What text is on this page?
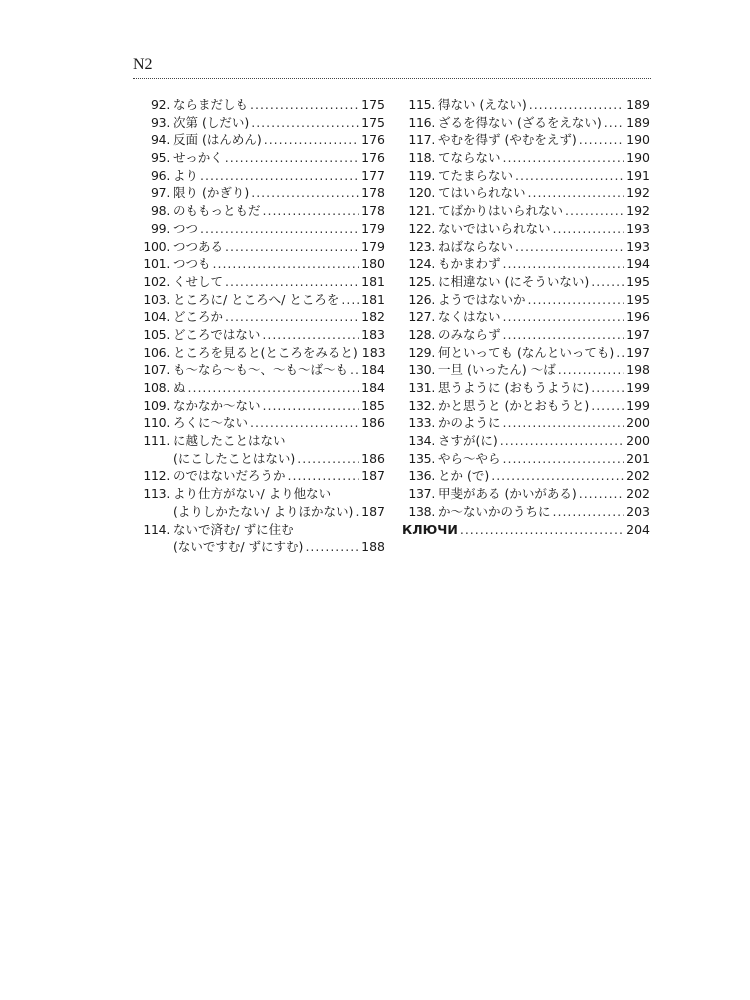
N2
92. ならまだしも .....	175
93. 次第 (しだい) .....	175
94. 反面 (はんめん) .....	176
95. せっかく .....	176
96. より .....	177
97. 限り (かぎり) .....	178
98. のももっともだ .....	178
99. つつ .....	179
100. つつある .....	179
101. つつも .....	180
102. くせして .....	181
103. ところに/ ところへ/ ところを ..... 181
104. どころか .....	182
105. どころではない .....	183
106. ところを見ると(ところをみると) 183
107. も～なら～も～、～も～ば～も ..... 184
108. ぬ .....	184
109. なかなか～ない .....	185
110. ろくに～ない .....	186
111. に越したことはない
(にこしたことはない) .....	186
112. のではないだろうか .....	187
113. より仕方がない/ より他ない
(よりしかたない/ よりほかない) ..... 187
114. ないで済む/ ずに住む
(ないですむ/ ずにすむ) .....	188
115. 得ない (えない) .....	189
116. ざるを得ない (ざるをえない) ..... 189
117. やむを得ず (やむをえず) .....	190
118. てならない .....	190
119. てたまらない .....	191
120. てはいられない .....	192
121. てばかりはいられない .....	192
122. ないではいられない .....	193
123. ねばならない .....	193
124. もかまわず .....	194
125. に相違ない (にそういない) .....	195
126. ようではないか .....	195
127. なくはない .....	196
128. のみならず .....	197
129. 何といっても (なんといっても) ..... 197
130. 一旦 (いったん) ～ば .....	198
131. 思うように (おもうように) .....	199
132. かと思うと (かとおもうと) .....	199
133. かのように .....	200
134. さすが(に) .....	200
135. やら～やら .....	201
136. とか (で) .....	202
137. 甲斐がある (かいがある) .....	202
138. か～ないかのうちに .....	203
КЛЮЧИ .....	204
